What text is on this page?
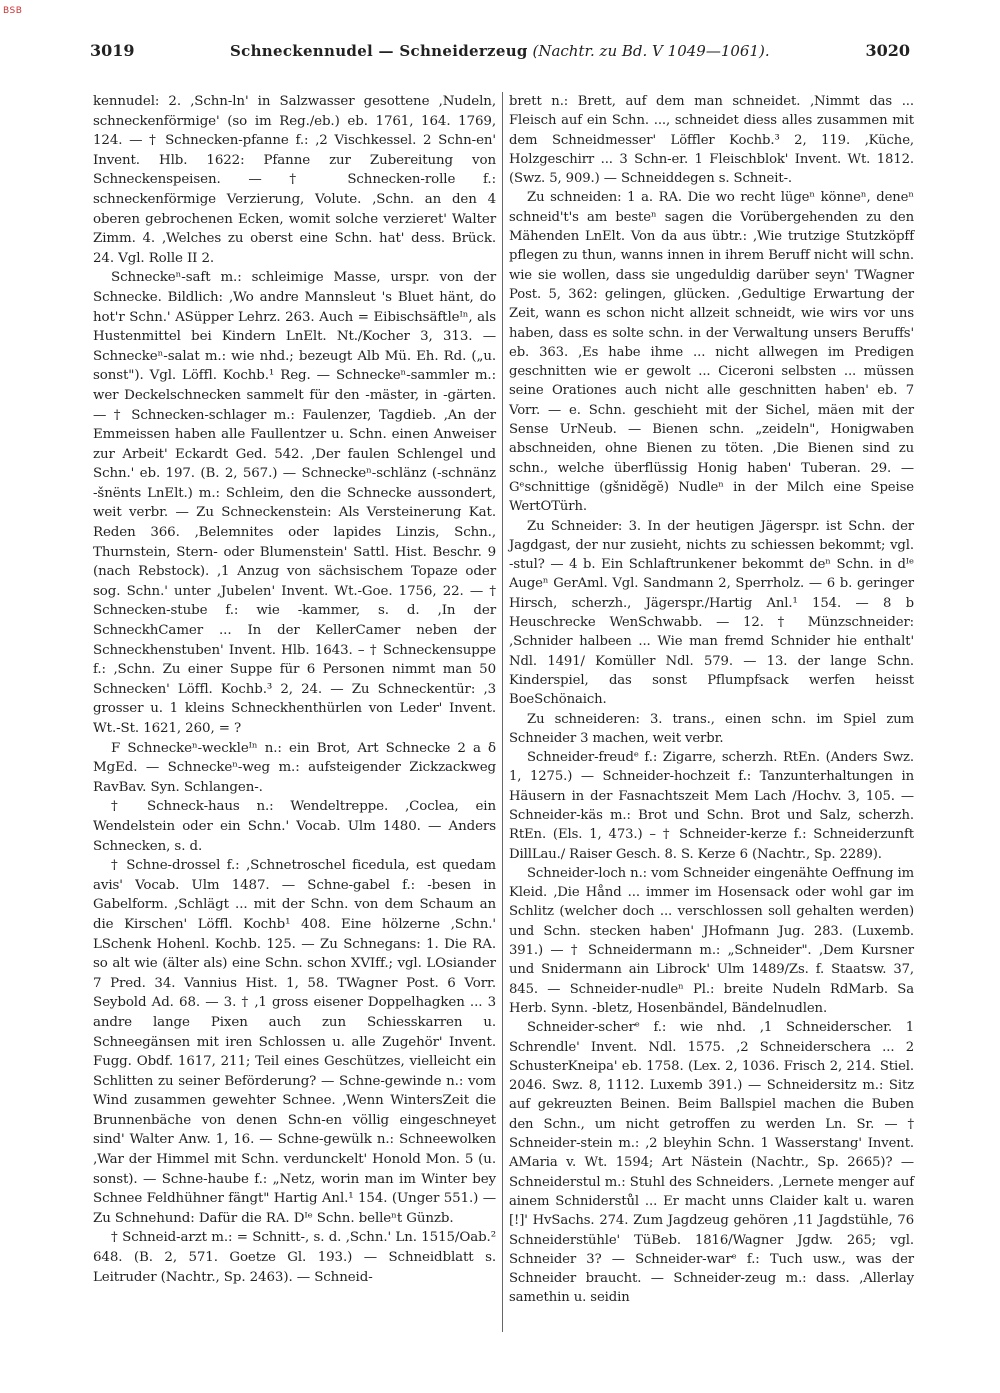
BSB
3019	Schneckennudel — Schneiderzeug (Nachtr. zu Bd. V 1049—1061).	3020

kennudel: 2. ‚Schn-ln' in Salzwasser gesottene ‚Nudeln, schneckenförmige' (so im Reg./eb.) eb. 1761, 164. 1769, 124. — † Schnecken-pfanne f.: ‚2 Vischkessel. 2 Schn-en' Invent. Hlb. 1622: Pfanne zur Zubereitung von Schneckenspeisen. — † Schnecken-rolle f.: schneckenförmige Verzierung, Volute. ‚Schn. an den 4 oberen gebrochenen Ecken, womit solche verzieret' Walter Zimm. 4. ‚Welches zu oberst eine Schn. hat' dess. Brück. 24. Vgl. Rolle II 2.

Schneckeⁿ-saft m.: schleimige Masse, urspr. von der Schnecke. Bildlich: ‚Wo andre Mannsleut 's Bluet hänt, do hot'r Schn.' ASüpper Lehrz. 263. Auch = Eibischsäftleᴵⁿ, als Hustenmittel bei Kindern LnElt. Nt./Kocher 3, 313. — Schneckeⁿ-salat m.: wie nhd.; bezeugt Alb Mü. Eh. Rd. („u. sonst"). Vgl. Löffl. Kochb.¹ Reg. — Schneckeⁿ-sammler m.: wer Deckelschnecken sammelt für den -mäster, in -gärten. — † Schnecken-schlager m.: Faulenzer, Tagdieb. ‚An der Emmeissen haben alle Faullentzer u. Schn. einen Anweiser zur Arbeit' Eckardt Ged. 542. ‚Der faulen Schlengel und Schn.' eb. 197. (B. 2, 567.) — Schneckeⁿ-schlänz (-schnänz -šnënts LnElt.) m.: Schleim, den die Schnecke aussondert, weit verbr. — Zu Schneckenstein: Als Versteinerung Kat. Reden 366. ‚Belemnites oder lapides Linzis, Schn., Thurnstein, Stern- oder Blumenstein' Sattl. Hist. Beschr. 9 (nach Rebstock). ‚1 Anzug von sächsischem Topaze oder sog. Schn.' unter ‚Jubelen' Invent. Wt.-Goe. 1756, 22. — † Schnecken-stube f.: wie -kammer, s. d. ‚In der SchneckhCamer ... In der KellerCamer neben der Schneckhenstuben' Invent. Hlb. 1643. – † Schneckensuppe f.: ‚Schn. Zu einer Suppe für 6 Personen nimmt man 50 Schnecken' Löffl. Kochb.³ 2, 24. — Zu Schneckentür: ‚3 grosser u. 1 kleins Schneckhenthürlen von Leder' Invent. Wt.-St. 1621, 260, = ?

F Schneckeⁿ-weckleᴵⁿ n.: ein Brot, Art Schnecke 2 a δ MgEd. — Schneckeⁿ-weg m.: aufsteigender Zickzackweg RavBav. Syn. Schlangen-.

† Schneck-haus n.: Wendeltreppe. ‚Coclea, ein Wendelstein oder ein Schn.' Vocab. Ulm 1480. — Anders Schnecken, s. d.

† Schne-drossel f.: ‚Schnetroschel ficedula, est quedam avis' Vocab. Ulm 1487. — Schne-gabel f.: -besen in Gabelform. ‚Schlägt ... mit der Schn. von dem Schaum an die Kirschen' Löffl. Kochb¹ 408. Eine hölzerne ‚Schn.' LSchenk Hohenl. Kochb. 125. — Zu Schnegans: 1. Die RA. so alt wie (älter als) eine Schn. schon XVIff.; vgl. LOsiander 7 Pred. 34. Vannius Hist. 1, 58. TWagner Post. 6 Vorr. Seybold Ad. 68. — 3. † ‚1 gross eisener Doppelhagken ... 3 andre lange Pixen auch zun Schiesskarren u. Schneegänsen mit iren Schlossen u. alle Zugehör' Invent. Fugg. Obdf. 1617, 211; Teil eines Geschützes, vielleicht ein Schlitten zu seiner Beförderung? — Schne-gewinde n.: vom Wind zusammen gewehter Schnee. ‚Wenn WintersZeit die Brunnenbäche von denen Schn-en völlig eingeschneyet sind' Walter Anw. 1, 16. — Schne-gewülk n.: Schneewolken ‚War der Himmel mit Schn. verdunckelt' Honold Mon. 5 (u. sonst). — Schne-haube f.: „Netz, worin man im Winter bey Schnee Feldhühner fängt" Hartig Anl.¹ 154. (Unger 551.) — Zu Schnehund: Dafür die RA. Dᴵᵉ Schn. belleⁿt Günzb.

† Schneid-arzt m.: = Schnitt-, s. d. ‚Schn.' Ln. 1515/Oab.² 648. (B. 2, 571. Goetze Gl. 193.) — Schneidblatt s. Leitruder (Nachtr., Sp. 2463). — Schneid-

brett n.: Brett, auf dem man schneidet. ‚Nimmt das ... Fleisch auf ein Schn. ..., schneidet diess alles zusammen mit dem Schneidmesser' Löffler Kochb.³ 2, 119. ‚Küche, Holzgeschirr ... 3 Schn-er. 1 Fleischblok' Invent. Wt. 1812. (Swz. 5, 909.) — Schneiddegen s. Schneit-.

Zu schneiden: 1 a. RA. Die wo recht lügeⁿ könneⁿ, deneⁿ schneid't's am besteⁿ sagen die Vorübergehenden zu den Mähenden LnElt. Von da aus übtr.: ‚Wie trutzige Stutzköpff pflegen zu thun, wanns innen in ihrem Beruff nicht will schn. wie sie wollen, dass sie ungeduldig darüber seyn' TWagner Post. 5, 362: gelingen, glücken. ‚Gedultige Erwartung der Zeit, wann es schon nicht allzeit schneidt, wie wirs vor uns haben, dass es solte schn. in der Verwaltung unsers Beruffs' eb. 363. ‚Es habe ihme ... nicht allwegen im Predigen geschnitten wie er gewolt ... Ciceroni selbsten ... müssen seine Orationes auch nicht alle geschnitten haben' eb. 7 Vorr. — e. Schn. geschieht mit der Sichel, mäen mit der Sense UrNeub. — Bienen schn. „zeideln", Honigwaben abschneiden, ohne Bienen zu töten. ‚Die Bienen sind zu schn., welche überflüssig Honig haben' Tuberan. 29. — Gᵉschnittige (gšnidĕgĕ) Nudleⁿ in der Milch eine Speise WertOTürh.

Zu Schneider: 3. In der heutigen Jägerspr. ist Schn. der Jagdgast, der nur zusieht, nichts zu schiessen bekommt; vgl. -stul? — 4 b. Ein Schlaftrunkener bekommt deⁿ Schn. in dᴵᵉ Augeⁿ GerAml. Vgl. Sandmann 2, Sperrholz. — 6 b. geringer Hirsch, scherzh., Jägerspr./Hartig Anl.¹ 154. — 8 b Heuschrecke WenSchwabb. — 12. † Münzschneider: ‚Schnider halbeen ... Wie man fremd Schnider hie enthalt' Ndl. 1491/ Komüller Ndl. 579. — 13. der lange Schn. Kinderspiel, das sonst Pflumpfsack werfen heisst BoeSchönaich.

Zu schneideren: 3. trans., einen schn. im Spiel zum Schneider 3 machen, weit verbr.

Schneider-freudᵉ f.: Zigarre, scherzh. RtEn. (Anders Swz. 1, 1275.) — Schneider-hochzeit f.: Tanzunterhaltungen in Häusern in der Fasnachtszeit Mem Lach /Hochv. 3, 105. — Schneider-käs m.: Brot und Schn. Brot und Salz, scherzh. RtEn. (Els. 1, 473.) – † Schneider-kerze f.: Schneiderzunft DillLau./ Raiser Gesch. 8. S. Kerze 6 (Nachtr., Sp. 2289).

Schneider-loch n.: vom Schneider eingenähte Oeffnung im Kleid. ‚Die Hånd ... immer im Hosensack oder wohl gar im Schlitz (welcher doch ... verschlossen soll gehalten werden) und Schn. stecken haben' JHofmann Jug. 283. (Luxemb. 391.) — † Schneidermann m.: „Schneider". ‚Dem Kursner und Snidermann ain Librock' Ulm 1489/Zs. f. Staatsw. 37, 845. — Schneider-nudleⁿ Pl.: breite Nudeln RdMarb. Sa Herb. Synn. -bletz, Hosenbändel, Bändelnudlen.

Schneider-scherᵉ f.: wie nhd. ‚1 Schneiderscher. 1 Schrendle' Invent. Ndl. 1575. ‚2 Schneiderschera ... 2 SchusterKneipa' eb. 1758. (Lex. 2, 1036. Frisch 2, 214. Stiel. 2046. Swz. 8, 1112. Luxemb 391.) — Schneidersitz m.: Sitz auf gekreuzten Beinen. Beim Ballspiel machen die Buben den Schn., um nicht getroffen zu werden Ln. Sr. — † Schneider-stein m.: ‚2 bleyhin Schn. 1 Wasserstang' Invent. AMaria v. Wt. 1594; Art Nästein (Nachtr., Sp. 2665)? — Schneiderstul m.: Stuhl des Schneiders. ‚Lernete menger auf ainem Schniderstůl ... Er macht unns Claider kalt u. waren [!]' HvSachs. 274. Zum Jagdzeug gehören ‚11 Jagdstühle, 76 Schneiderstühle' TüBeb. 1816/Wagner Jgdw. 265; vgl. Schneider 3? — Schneider-warᵉ f.: Tuch usw., was der Schneider braucht. — Schneider-zeug m.: dass. ‚Allerlay samethin u. seidin
